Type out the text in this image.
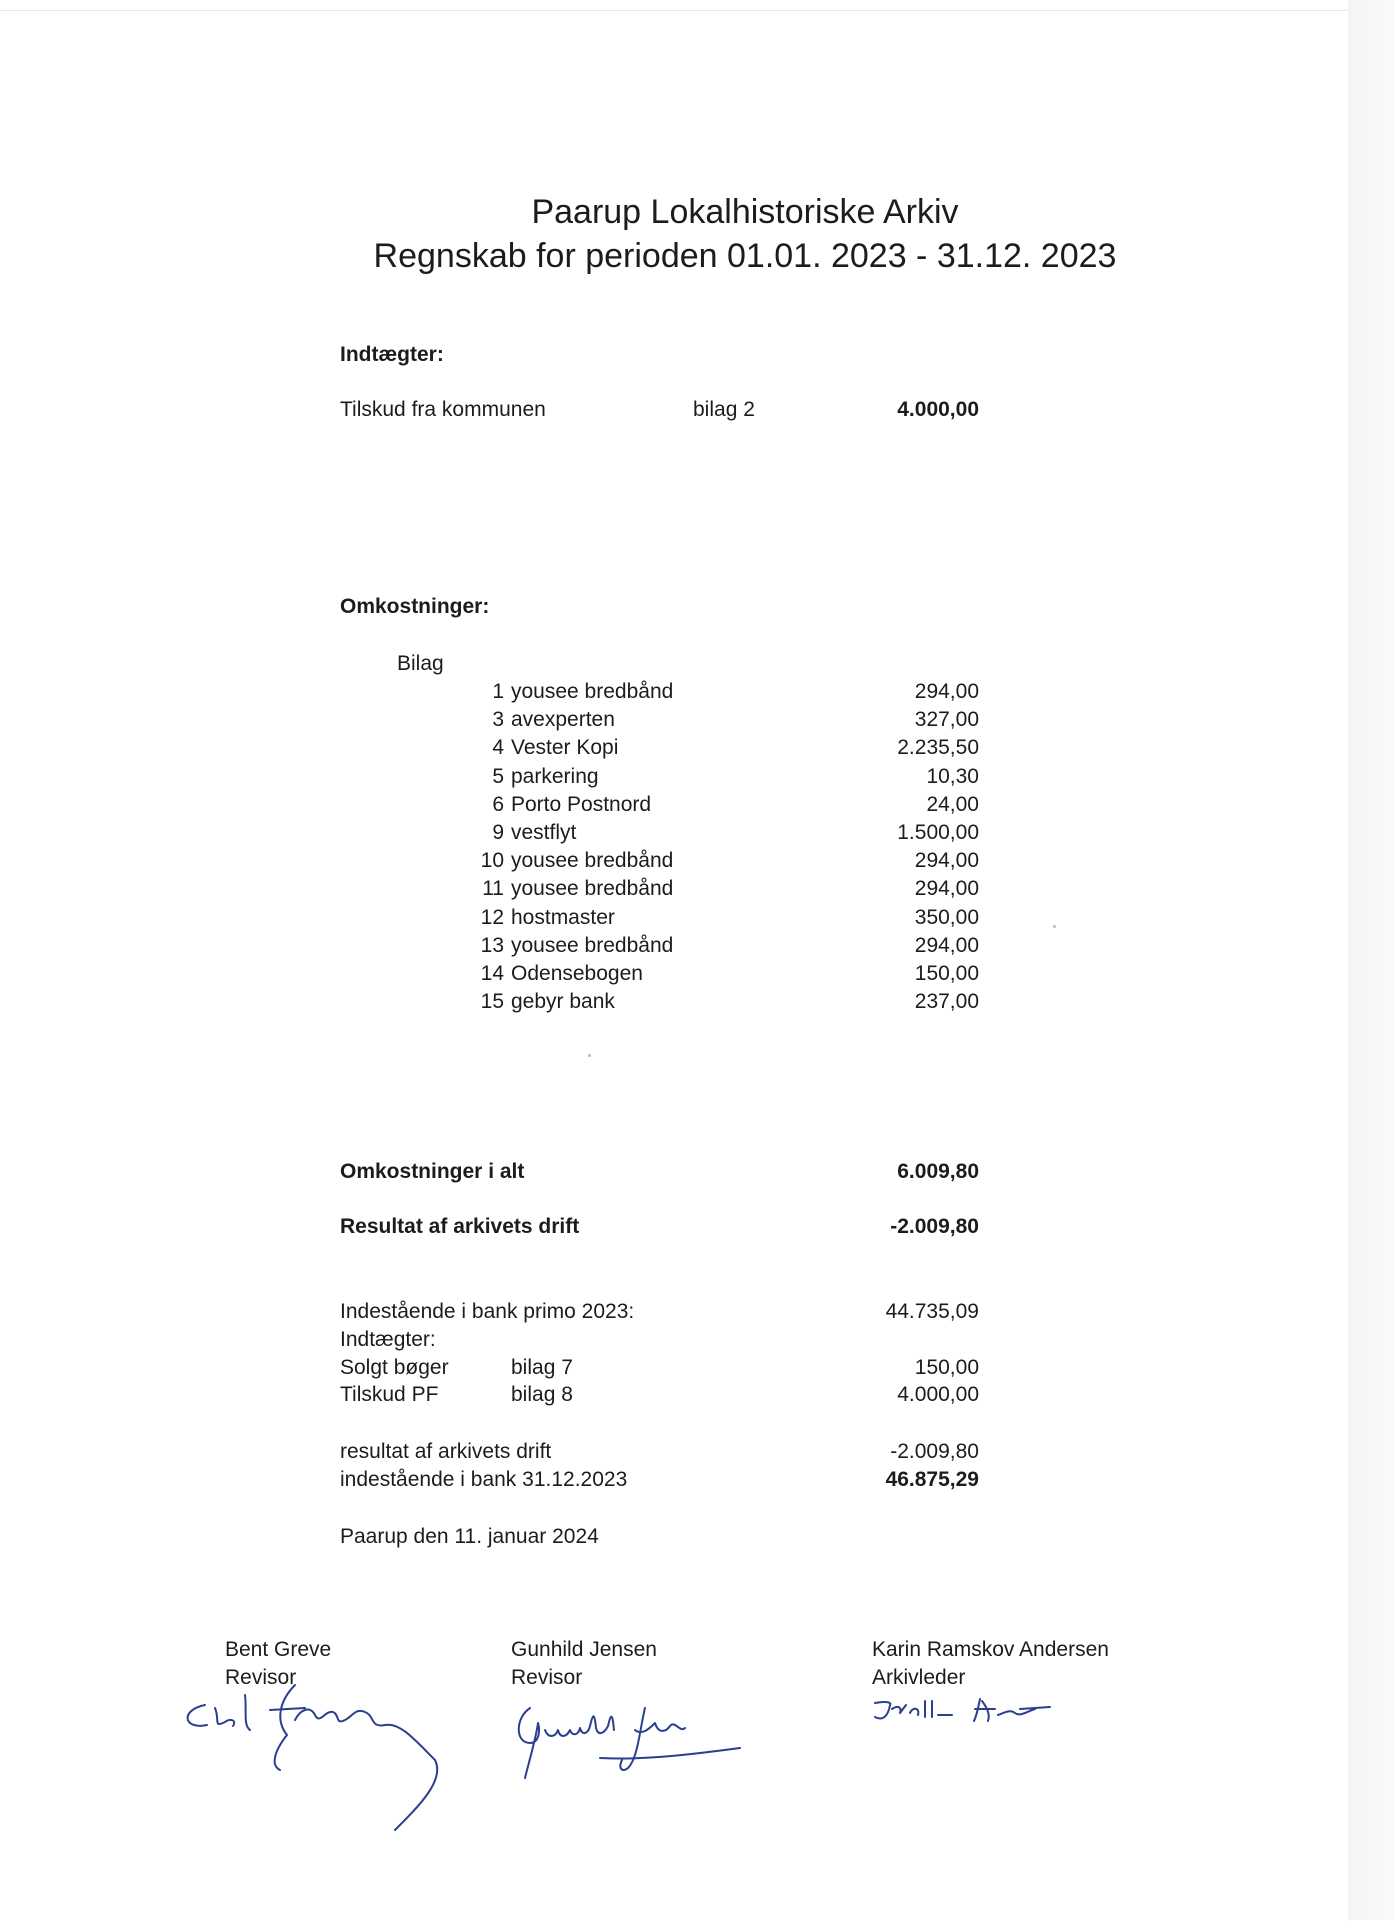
Paarup Lokalhistoriske Arkiv
Regnskab for perioden 01.01. 2023 - 31.12. 2023
Indtægter:
Tilskud fra kommunen	bilag 2	4.000,00
Omkostninger:
Bilag
1 yousee bredbånd	294,00
3 avexperten	327,00
4 Vester Kopi	2.235,50
5 parkering	10,30
6 Porto Postnord	24,00
9 vestflyt	1.500,00
10 yousee bredbånd	294,00
11 yousee bredbånd	294,00
12 hostmaster	350,00
13 yousee bredbånd	294,00
14 Odensebogen	150,00
15 gebyr bank	237,00
Omkostninger i alt	6.009,80
Resultat af arkivets drift	-2.009,80
Indestående i bank primo 2023:	44.735,09
Indtægter:
Solgt bøger	bilag 7	150,00
Tilskud PF	bilag 8	4.000,00
resultat af arkivets drift	-2.009,80
indestående i bank 31.12.2023	46.875,29
Paarup den 11. januar 2024
Bent Greve
Revisor
Gunhild Jensen
Revisor
Karin Ramskov Andersen
Arkivleder
